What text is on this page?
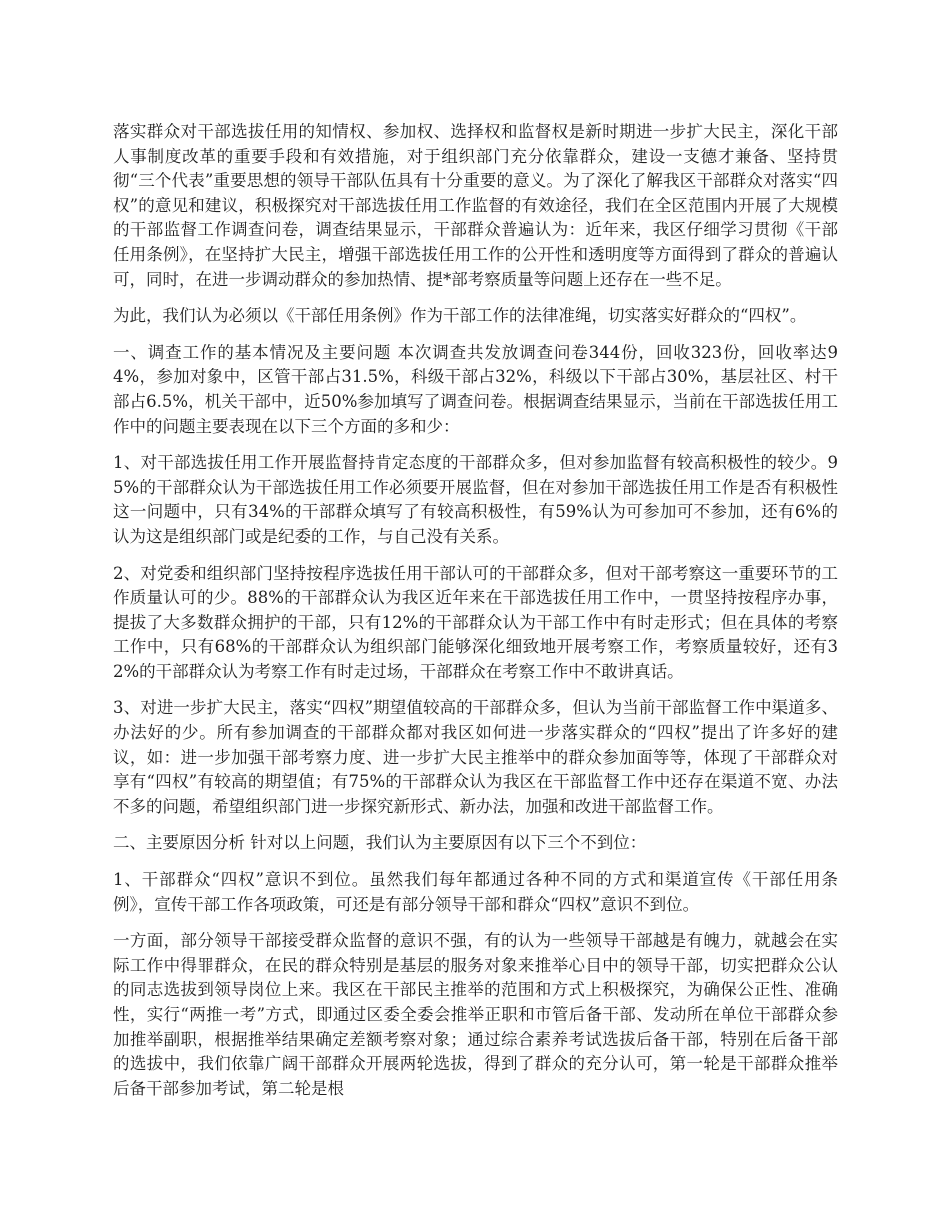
落实群众对干部选拔任用的知情权、参加权、选择权和监督权是新时期进一步扩大民主，深化干部人事制度改革的重要手段和有效措施，对于组织部门充分依靠群众，建设一支德才兼备、坚持贯彻“三个代表”重要思想的领导干部队伍具有十分重要的意义。为了深化了解我区干部群众对落实“四权”的意见和建议，积极探究对干部选拔任用工作监督的有效途径，我们在全区范围内开展了大规模的干部监督工作调查问卷，调查结果显示，干部群众普遍认为：近年来，我区仔细学习贯彻《干部任用条例》，在坚持扩大民主，增强干部选拔任用工作的公开性和透明度等方面得到了群众的普遍认可，同时，在进一步调动群众的参加热情、提*部考察质量等问题上还存在一些不足。

为此，我们认为必须以《干部任用条例》作为干部工作的法律准绳，切实落实好群众的“四权”。

一、调查工作的基本情况及主要问题 本次调查共发放调查问卷344份，回收323份，回收率达94%，参加对象中，区管干部占31.5%，科级干部占32%，科级以下干部占30%，基层社区、村干部占6.5%，机关干部中，近50%参加填写了调查问卷。根据调查结果显示，当前在干部选拔任用工作中的问题主要表现在以下三个方面的多和少：

1、对干部选拔任用工作开展监督持肯定态度的干部群众多，但对参加监督有较高积极性的较少。95%的干部群众认为干部选拔任用工作必须要开展监督，但在对参加干部选拔任用工作是否有积极性这一问题中，只有34%的干部群众填写了有较高积极性，有59%认为可参加可不参加，还有6%的认为这是组织部门或是纪委的工作，与自己没有关系。

2、对党委和组织部门坚持按程序选拔任用干部认可的干部群众多，但对干部考察这一重要环节的工作质量认可的少。88%的干部群众认为我区近年来在干部选拔任用工作中，一贯坚持按程序办事，提拔了大多数群众拥护的干部，只有12%的干部群众认为干部工作中有时走形式；但在具体的考察工作中，只有68%的干部群众认为组织部门能够深化细致地开展考察工作，考察质量较好，还有32%的干部群众认为考察工作有时走过场，干部群众在考察工作中不敢讲真话。

3、对进一步扩大民主，落实“四权”期望值较高的干部群众多，但认为当前干部监督工作中渠道多、办法好的少。所有参加调查的干部群众都对我区如何进一步落实群众的“四权”提出了许多好的建议，如：进一步加强干部考察力度、进一步扩大民主推举中的群众参加面等等，体现了干部群众对享有“四权”有较高的期望值；有75%的干部群众认为我区在干部监督工作中还存在渠道不宽、办法不多的问题，希望组织部门进一步探究新形式、新办法，加强和改进干部监督工作。

二、主要原因分析 针对以上问题，我们认为主要原因有以下三个不到位：

1、干部群众“四权”意识不到位。虽然我们每年都通过各种不同的方式和渠道宣传《干部任用条例》，宣传干部工作各项政策，可还是有部分领导干部和群众“四权”意识不到位。

一方面，部分领导干部接受群众监督的意识不强，有的认为一些领导干部越是有魄力，就越会在实际工作中得罪群众，在民的群众特别是基层的服务对象来推举心目中的领导干部，切实把群众公认的同志选拔到领导岗位上来。我区在干部民主推举的范围和方式上积极探究，为确保公正性、准确性，实行“两推一考”方式，即通过区委全委会推举正职和市管后备干部、发动所在单位干部群众参加推举副职，根据推举结果确定差额考察对象；通过综合素养考试选拔后备干部，特别在后备干部的选拔中，我们依靠广阔干部群众开展两轮选拔，得到了群众的充分认可，第一轮是干部群众推举后备干部参加考试，第二轮是根
